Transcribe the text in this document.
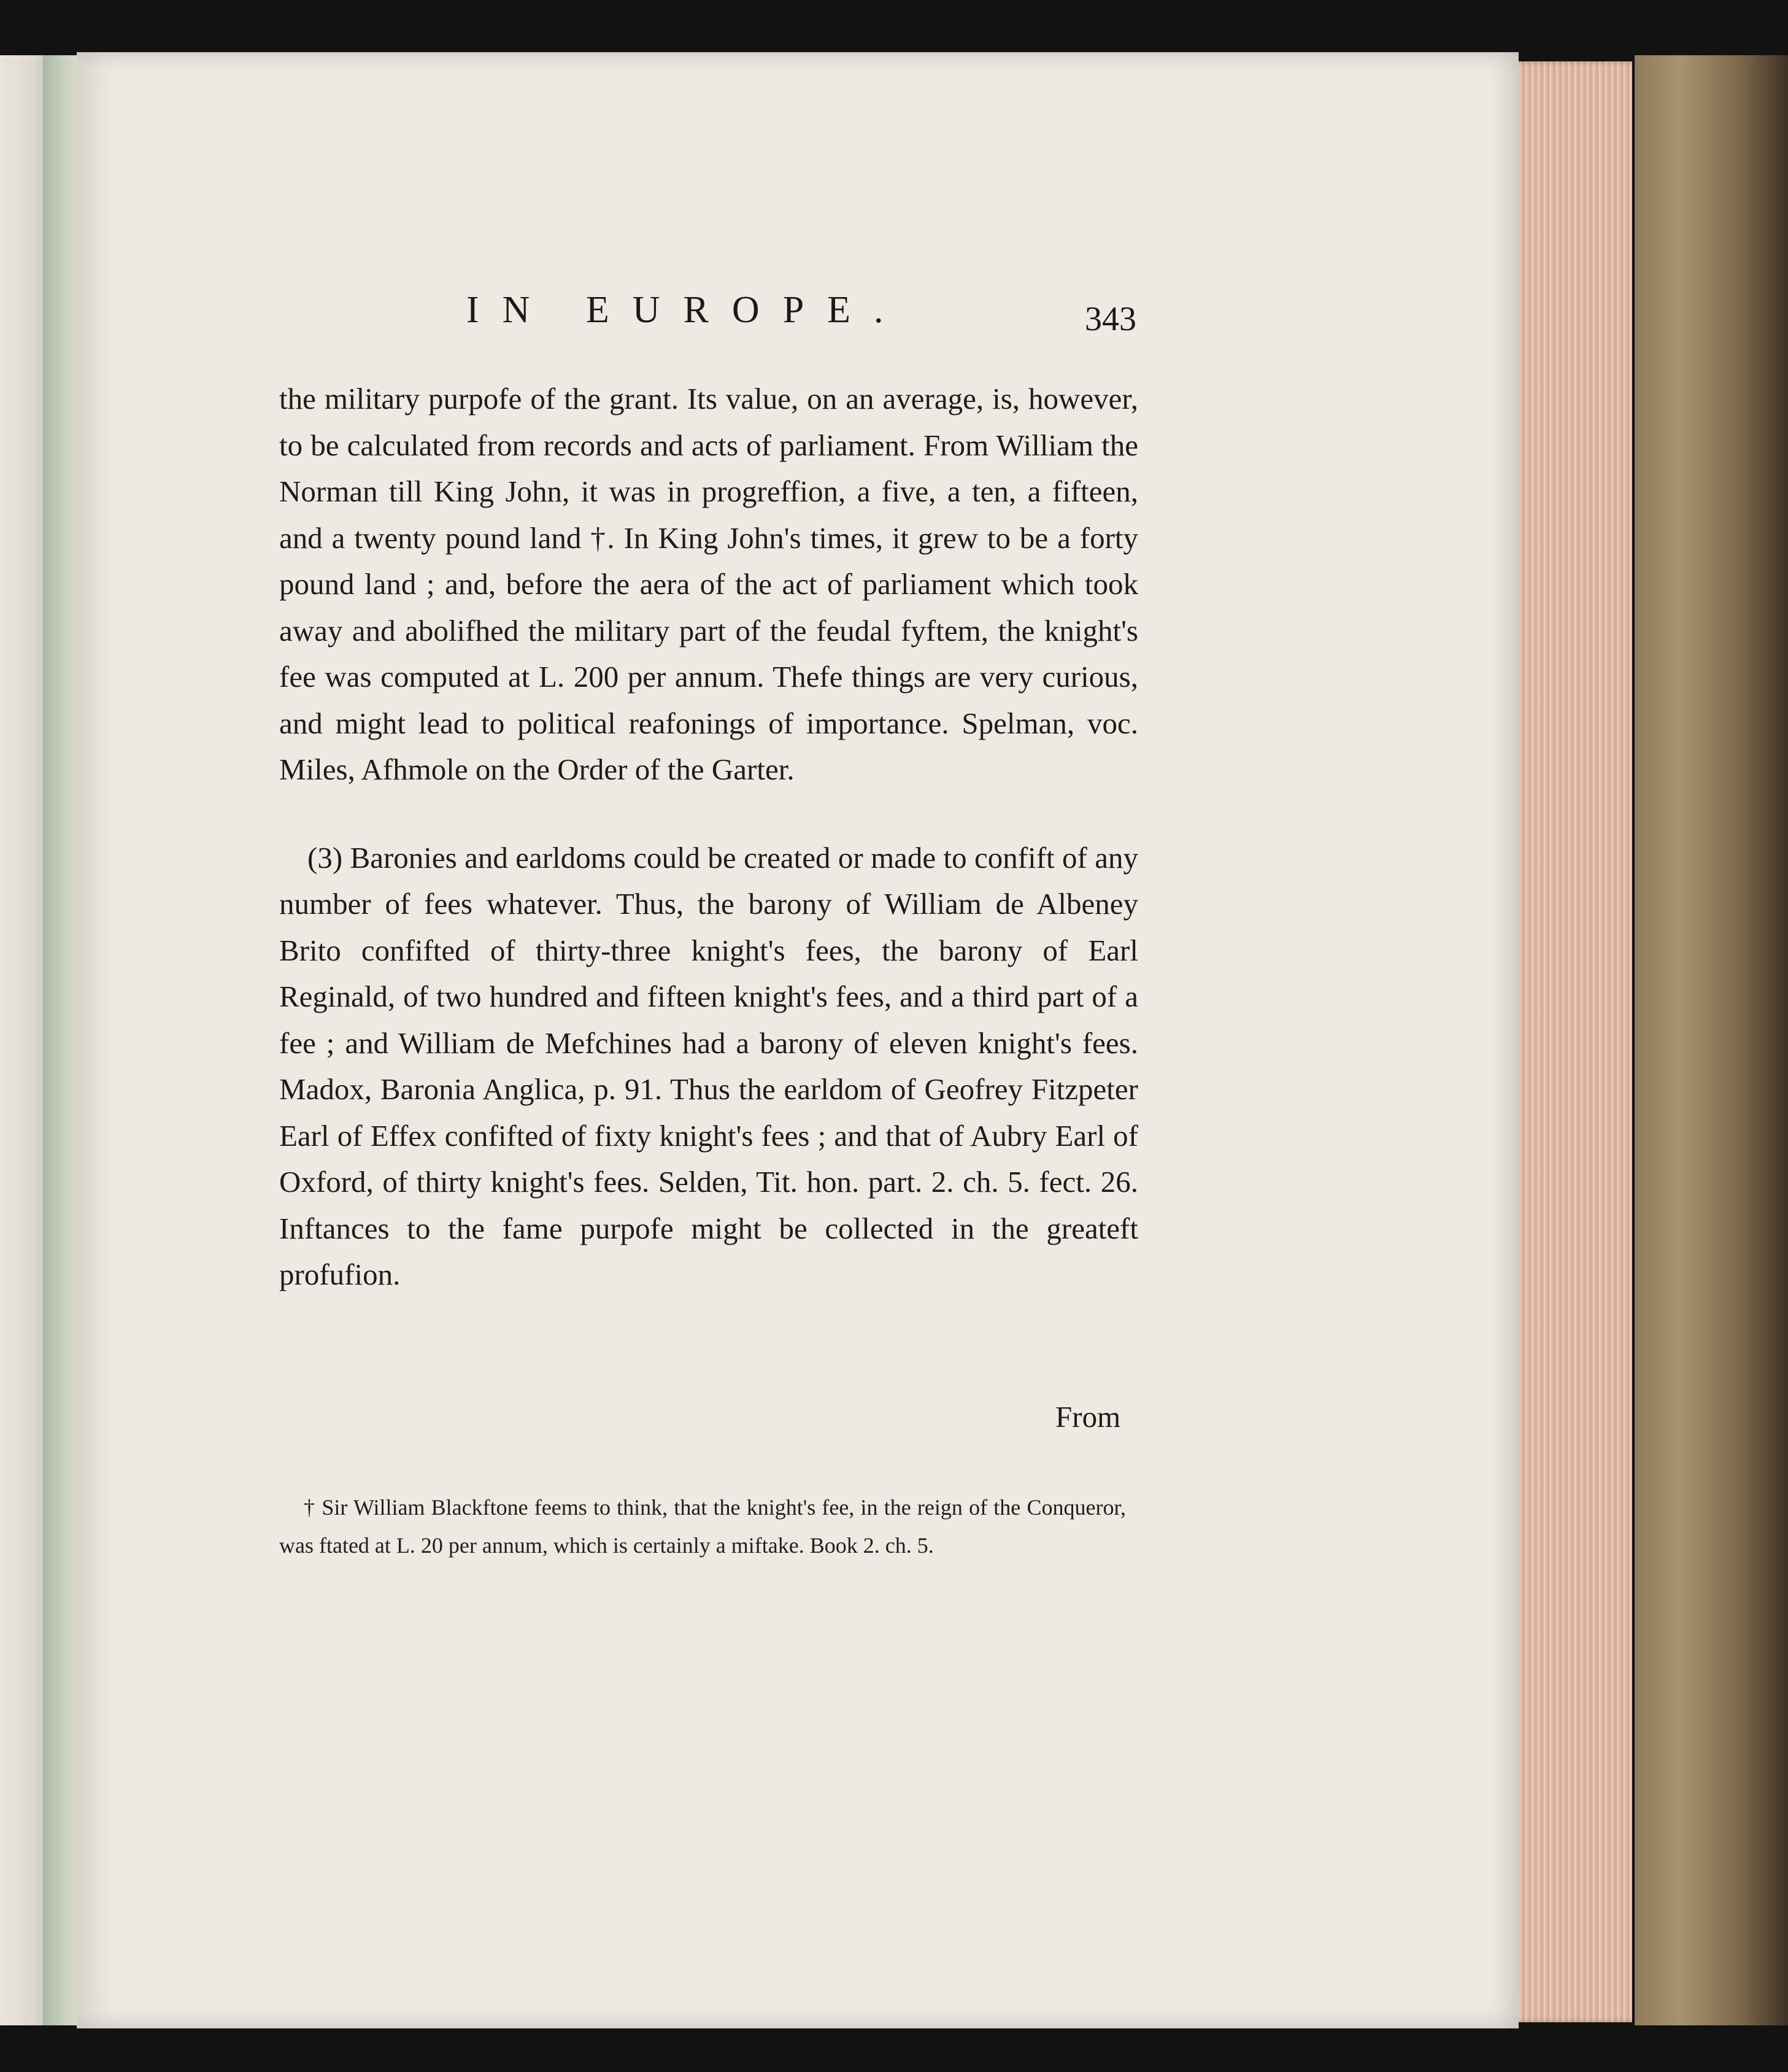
IN EUROPE.	343

the military purpofe of the grant. Its value, on an average, is, however, to be calculated from records and acts of parliament. From William the Norman till King John, it was in progreffion, a five, a ten, a fifteen, and a twenty pound land †. In King John's times, it grew to be a forty pound land ; and, before the aera of the act of parliament which took away and abolifhed the military part of the feudal fyftem, the knight's fee was computed at L. 200 per annum. Thefe things are very curious, and might lead to political reafonings of importance. Spelman, voc. Miles, Afhmole on the Order of the Garter.

(3) Baronies and earldoms could be created or made to confift of any number of fees whatever. Thus, the barony of William de Albeney Brito confifted of thirty-three knight's fees, the barony of Earl Reginald, of two hundred and fifteen knight's fees, and a third part of a fee ; and William de Mefchines had a barony of eleven knight's fees. Madox, Baronia Anglica, p. 91. Thus the earldom of Geofrey Fitzpeter Earl of Effex confifted of fixty knight's fees ; and that of Aubry Earl of Oxford, of thirty knight's fees. Selden, Tit. hon. part. 2. ch. 5. fect. 26. Inftances to the fame purpofe might be collected in the greateft profufion.

From

† Sir William Blackftone feems to think, that the knight's fee, in the reign of the Conqueror, was ftated at L. 20 per annum, which is certainly a miftake. Book 2. ch. 5.
